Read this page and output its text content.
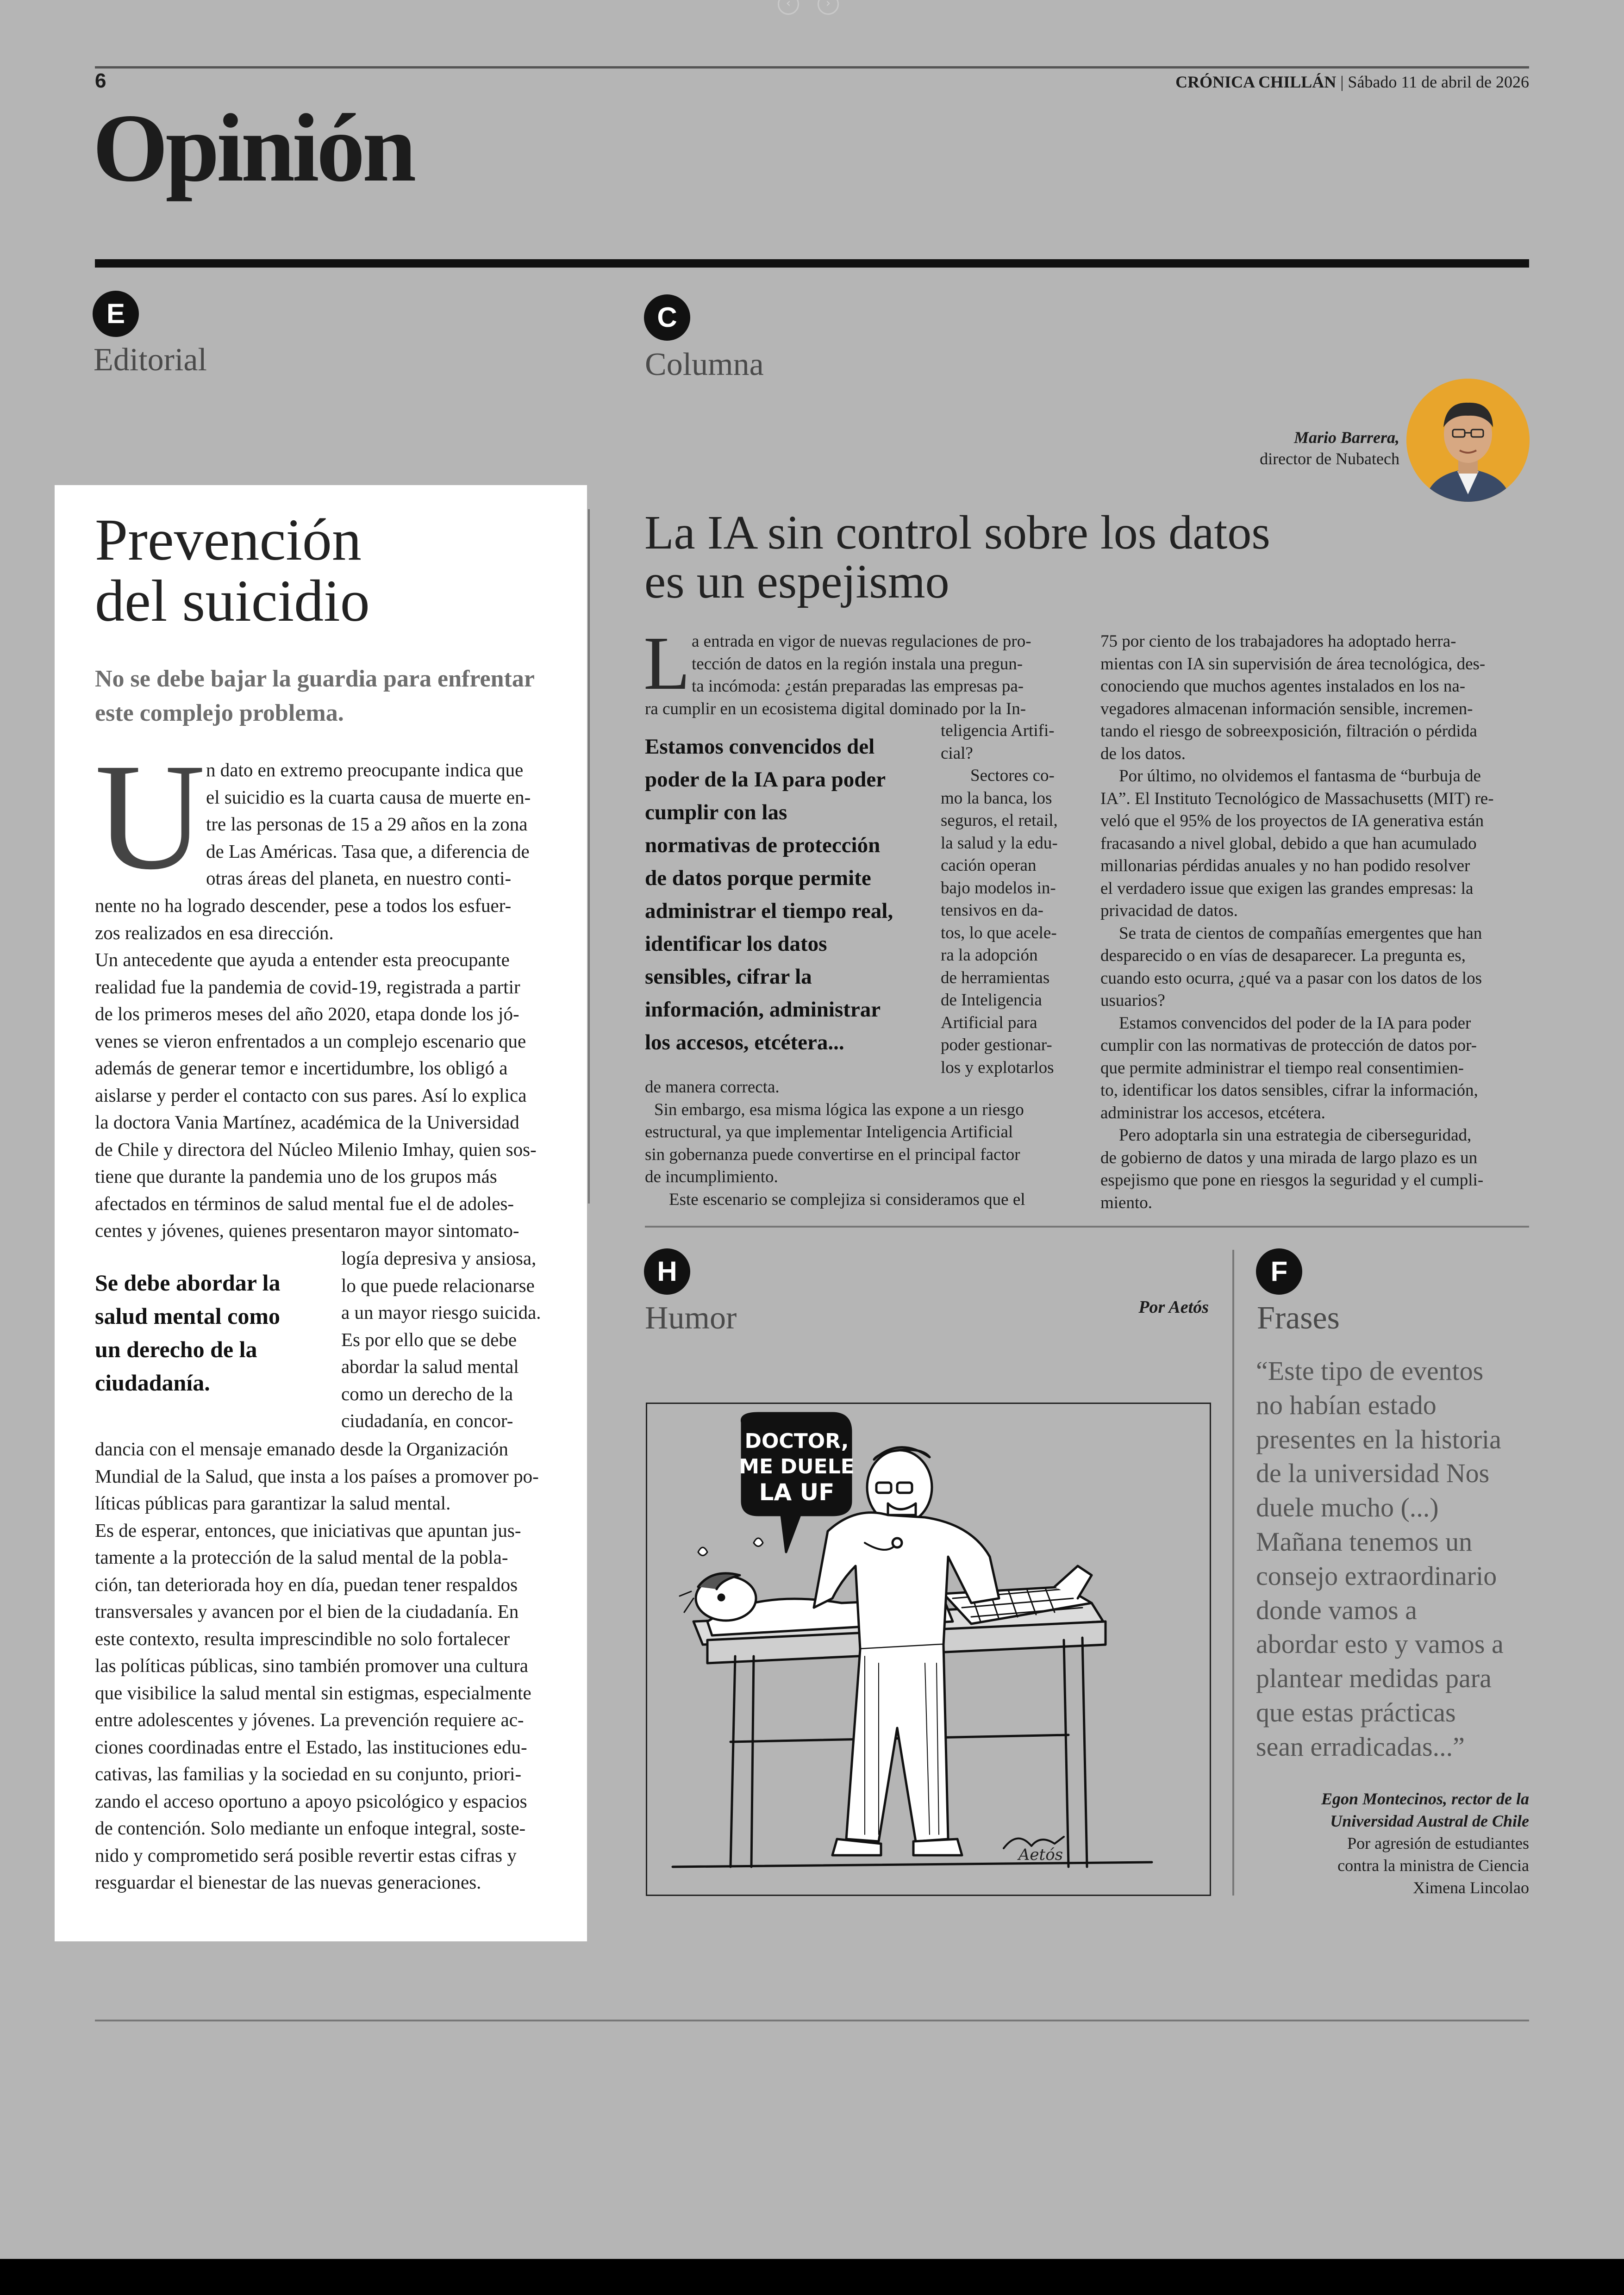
‹	›
6	CRÓNICA CHILLÁN | Sábado 11 de abril de 2026
Opinión
E
Editorial
C
Columna
Mario Barrera,
director de Nubatech
Prevención
del suicidio
No se debe bajar la guardia para enfrentar
este complejo problema.
U n dato en extremo preocupante indica que
el suicidio es la cuarta causa de muerte en-
tre las personas de 15 a 29 años en la zona
de Las Américas. Tasa que, a diferencia de
otras áreas del planeta, en nuestro conti-
nente no ha logrado descender, pese a todos los esfuer-
zos realizados en esa dirección.
Un antecedente que ayuda a entender esta preocupante
realidad fue la pandemia de covid-19, registrada a partir
de los primeros meses del año 2020, etapa donde los jó-
venes se vieron enfrentados a un complejo escenario que
además de generar temor e incertidumbre, los obligó a
aislarse y perder el contacto con sus pares. Así lo explica
la doctora Vania Martínez, académica de la Universidad
de Chile y directora del Núcleo Milenio Imhay, quien sos-
tiene que durante la pandemia uno de los grupos más
afectados en términos de salud mental fue el de adoles-
centes y jóvenes, quienes presentaron mayor sintomato-
Se debe abordar la
salud mental como
un derecho de la
ciudadanía.
logía depresiva y ansiosa,
lo que puede relacionarse
a un mayor riesgo suicida.
Es por ello que se debe
abordar la salud mental
como un derecho de la
ciudadanía, en concor-
dancia con el mensaje emanado desde la Organización
Mundial de la Salud, que insta a los países a promover po-
líticas públicas para garantizar la salud mental.
Es de esperar, entonces, que iniciativas que apuntan jus-
tamente a la protección de la salud mental de la pobla-
ción, tan deteriorada hoy en día, puedan tener respaldos
transversales y avancen por el bien de la ciudadanía. En
este contexto, resulta imprescindible no solo fortalecer
las políticas públicas, sino también promover una cultura
que visibilice la salud mental sin estigmas, especialmente
entre adolescentes y jóvenes. La prevención requiere ac-
ciones coordinadas entre el Estado, las instituciones edu-
cativas, las familias y la sociedad en su conjunto, priori-
zando el acceso oportuno a apoyo psicológico y espacios
de contención. Solo mediante un enfoque integral, soste-
nido y comprometido será posible revertir estas cifras y
resguardar el bienestar de las nuevas generaciones.
La IA sin control sobre los datos
es un espejismo
L a entrada en vigor de nuevas regulaciones de pro-
tección de datos en la región instala una pregun-
ta incómoda: ¿están preparadas las empresas pa-
ra cumplir en un ecosistema digital dominado por la In-
Estamos convencidos del
poder de la IA para poder
cumplir con las
normativas de protección
de datos porque permite
administrar el tiempo real,
identificar los datos
sensibles, cifrar la
información, administrar
los accesos, etcétera...
teligencia Artifi-
cial?
Sectores co-
mo la banca, los
seguros, el retail,
la salud y la edu-
cación operan
bajo modelos in-
tensivos en da-
tos, lo que acele-
ra la adopción
de herramientas
de Inteligencia
Artificial para
poder gestionar-
los y explotarlos
de manera correcta.
Sin embargo, esa misma lógica las expone a un riesgo
estructural, ya que implementar Inteligencia Artificial
sin gobernanza puede convertirse en el principal factor
de incumplimiento.
Este escenario se complejiza si consideramos que el
75 por ciento de los trabajadores ha adoptado herra-
mientas con IA sin supervisión de área tecnológica, des-
conociendo que muchos agentes instalados en los na-
vegadores almacenan información sensible, incremen-
tando el riesgo de sobreexposición, filtración o pérdida
de los datos.
Por último, no olvidemos el fantasma de “burbuja de
IA”. El Instituto Tecnológico de Massachusetts (MIT) re-
veló que el 95% de los proyectos de IA generativa están
fracasando a nivel global, debido a que han acumulado
millonarias pérdidas anuales y no han podido resolver
el verdadero issue que exigen las grandes empresas: la
privacidad de datos.
Se trata de cientos de compañías emergentes que han
desparecido o en vías de desaparecer. La pregunta es,
cuando esto ocurra, ¿qué va a pasar con los datos de los
usuarios?
Estamos convencidos del poder de la IA para poder
cumplir con las normativas de protección de datos por-
que permite administrar el tiempo real consentimien-
to, identificar los datos sensibles, cifrar la información,
administrar los accesos, etcétera.
Pero adoptarla sin una estrategia de ciberseguridad,
de gobierno de datos y una mirada de largo plazo es un
espejismo que pone en riesgos la seguridad y el cumpli-
miento.
H
Humor	Por Aetós
DOCTOR,
ME DUELE
LA UF
Aetós
F
Frases
“Este tipo de eventos
no habían estado
presentes en la historia
de la universidad Nos
duele mucho (...)
Mañana tenemos un
consejo extraordinario
donde vamos a
abordar esto y vamos a
plantear medidas para
que estas prácticas
sean erradicadas...”
Egon Montecinos, rector de la
Universidad Austral de Chile
Por agresión de estudiantes
contra la ministra de Ciencia
Ximena Lincolao
